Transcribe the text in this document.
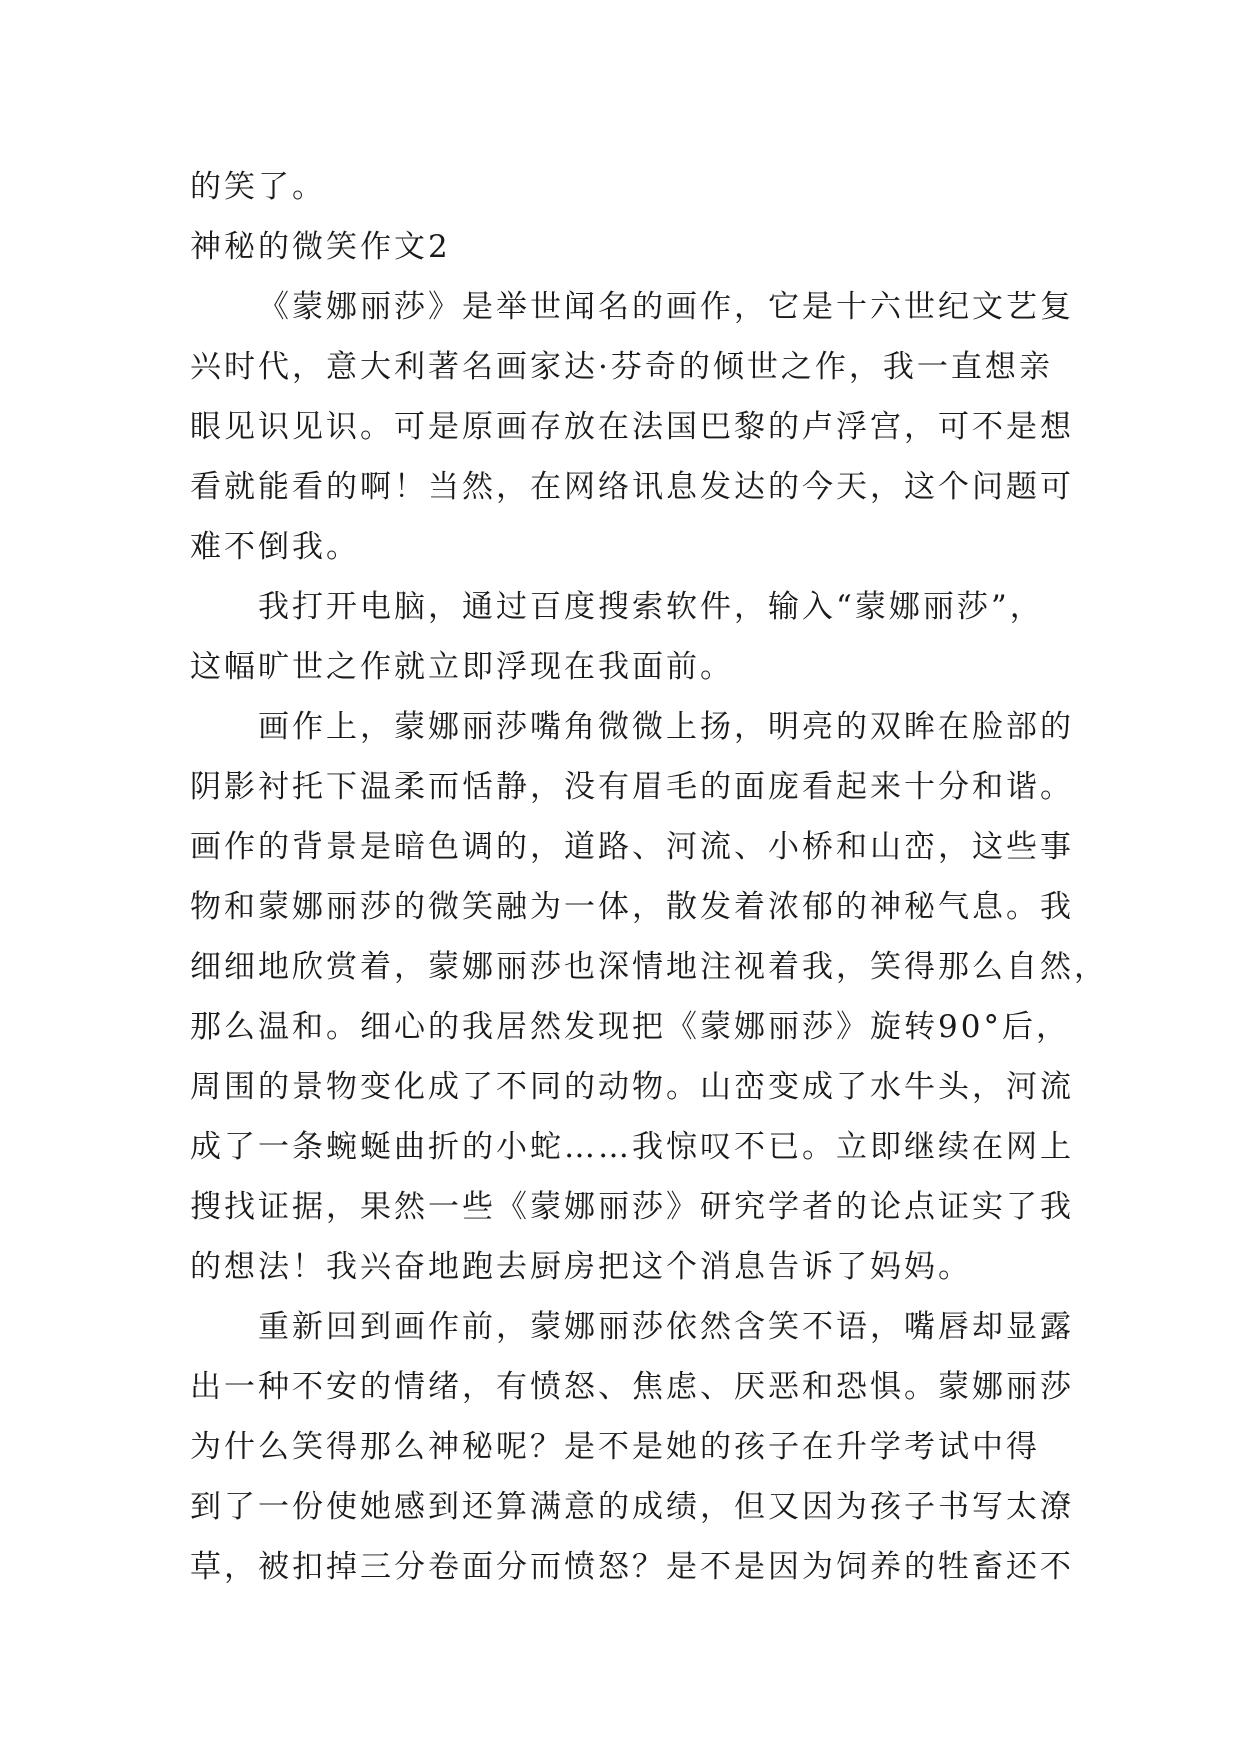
的笑了。
神秘的微笑作文2
《蒙娜丽莎》是举世闻名的画作，它是十六世纪文艺复
兴时代，意大利著名画家达·芬奇的倾世之作，我一直想亲
眼见识见识。可是原画存放在法国巴黎的卢浮宫，可不是想
看就能看的啊！当然，在网络讯息发达的今天，这个问题可
难不倒我。
我打开电脑，通过百度搜索软件，输入“蒙娜丽莎”，
这幅旷世之作就立即浮现在我面前。
画作上，蒙娜丽莎嘴角微微上扬，明亮的双眸在脸部的
阴影衬托下温柔而恬静，没有眉毛的面庞看起来十分和谐。
画作的背景是暗色调的，道路、河流、小桥和山峦，这些事
物和蒙娜丽莎的微笑融为一体，散发着浓郁的神秘气息。我
细细地欣赏着，蒙娜丽莎也深情地注视着我，笑得那么自然，
那么温和。细心的我居然发现把《蒙娜丽莎》旋转90°后，
周围的景物变化成了不同的动物。山峦变成了水牛头，河流
成了一条蜿蜒曲折的小蛇……我惊叹不已。立即继续在网上
搜找证据，果然一些《蒙娜丽莎》研究学者的论点证实了我
的想法！我兴奋地跑去厨房把这个消息告诉了妈妈。
重新回到画作前，蒙娜丽莎依然含笑不语，嘴唇却显露
出一种不安的情绪，有愤怒、焦虑、厌恶和恐惧。蒙娜丽莎
为什么笑得那么神秘呢？是不是她的孩子在升学考试中得
到了一份使她感到还算满意的成绩，但又因为孩子书写太潦
草，被扣掉三分卷面分而愤怒？是不是因为饲养的牲畜还不
